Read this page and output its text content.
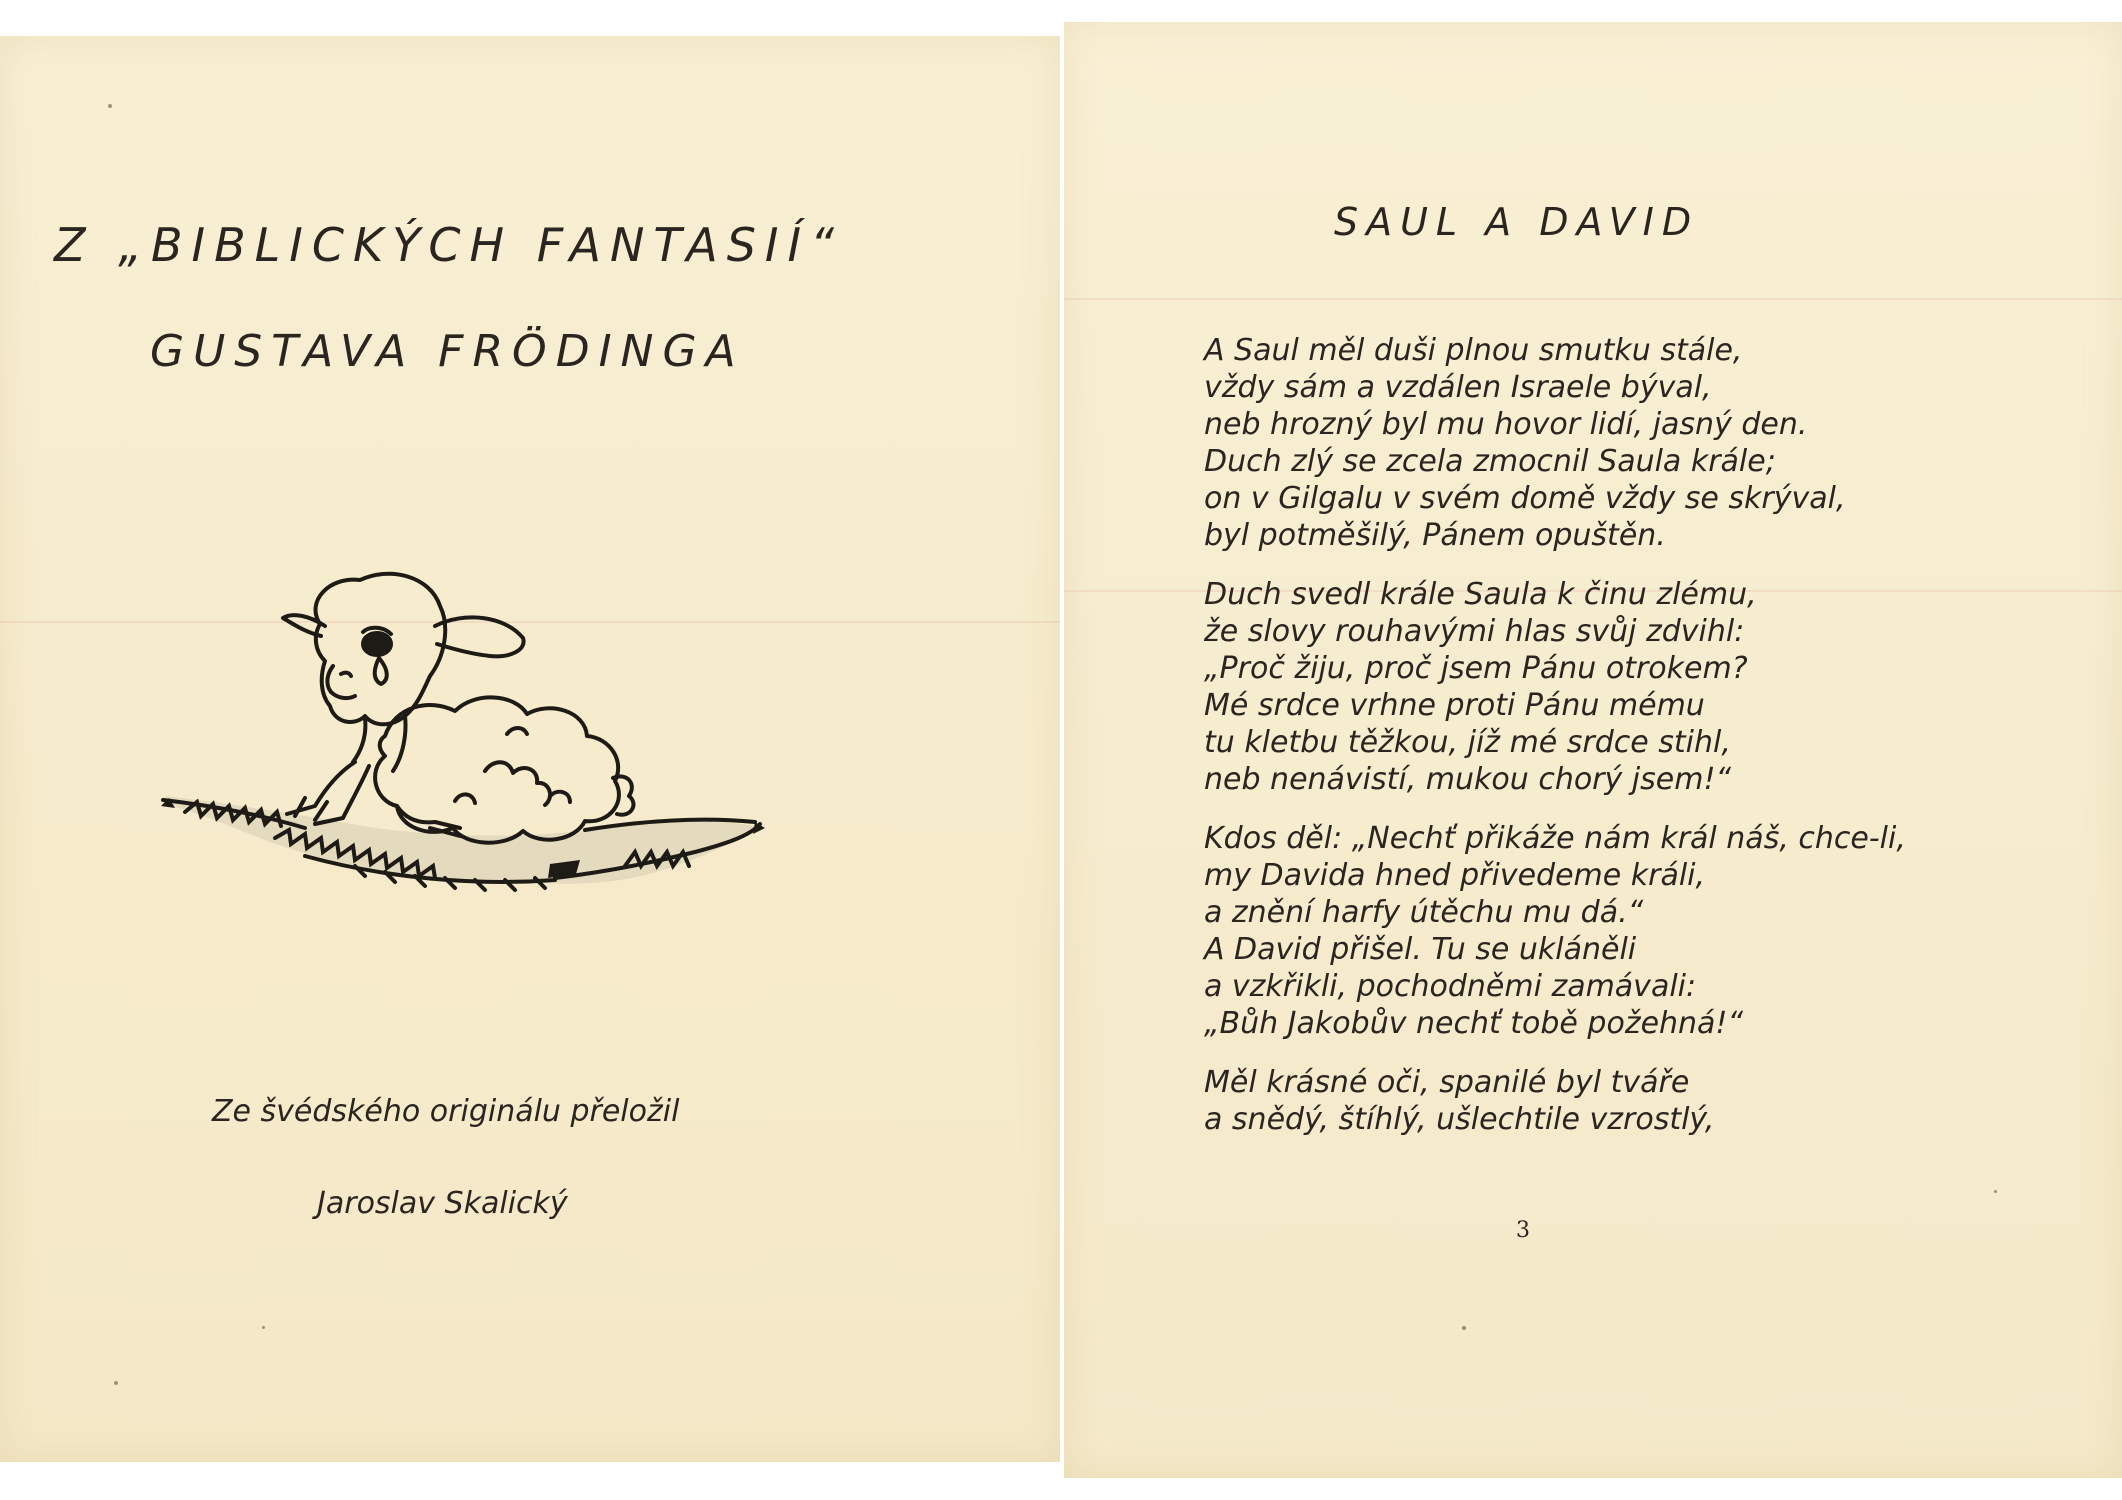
Z „BIBLICKÝCH FANTASIÍ“
GUSTAVA FRÖDINGA
Ze švédského originálu přeložil
Jaroslav Skalický
SAUL A DAVID
A Saul měl duši plnou smutku stále,
vždy sám a vzdálen Israele býval,
neb hrozný byl mu hovor lidí, jasný den.
Duch zlý se zcela zmocnil Saula krále;
on v Gilgalu v svém domě vždy se skrýval,
byl potměšilý, Pánem opuštěn.
Duch svedl krále Saula k činu zlému,
že slovy rouhavými hlas svůj zdvihl:
„Proč žiju, proč jsem Pánu otrokem?
Mé srdce vrhne proti Pánu mému
tu kletbu těžkou, jíž mé srdce stihl,
neb nenávistí, mukou chorý jsem!“
Kdos děl: „Nechť přikáže nám král náš, chce-li,
my Davida hned přivedeme králi,
a znění harfy útěchu mu dá.“
A David přišel. Tu se ukláněli
a vzkřikli, pochodněmi zamávali:
„Bůh Jakobův nechť tobě požehná!“
Měl krásné oči, spanilé byl tváře
a snědý, štíhlý, ušlechtile vzrostlý,
3
